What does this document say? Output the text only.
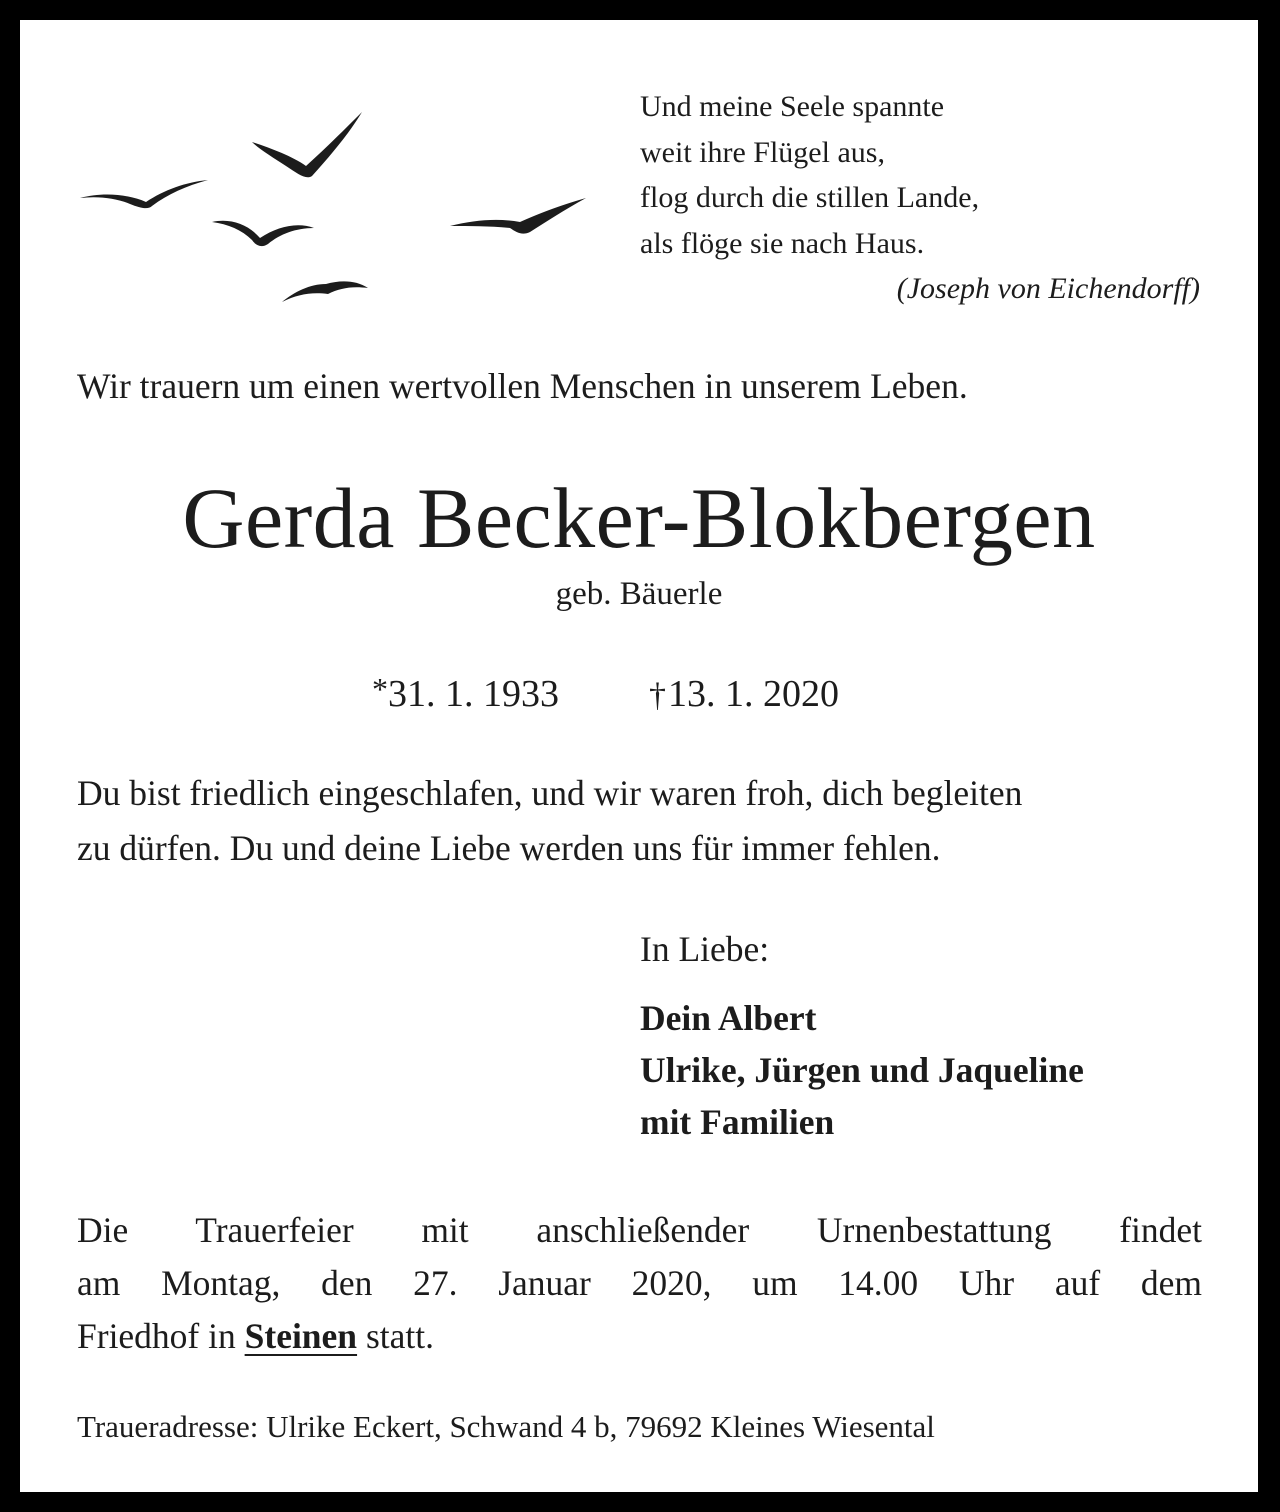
Und meine Seele spannte
weit ihre Flügel aus,
flog durch die stillen Lande,
als flöge sie nach Haus.
(Joseph von Eichendorff)
Wir trauern um einen wertvollen Menschen in unserem Leben.
Gerda Becker-Blokbergen
geb. Bäuerle
*31. 1. 1933	†13. 1. 2020
Du bist friedlich eingeschlafen, und wir waren froh, dich begleiten
zu dürfen. Du und deine Liebe werden uns für immer fehlen.
In Liebe:
Dein Albert
Ulrike, Jürgen und Jaqueline
mit Familien
Die Trauerfeier mit anschließender Urnenbestattung findet
am Montag, den 27. Januar 2020, um 14.00 Uhr auf dem
Friedhof in Steinen statt.
Traueradresse: Ulrike Eckert, Schwand 4 b, 79692 Kleines Wiesental
